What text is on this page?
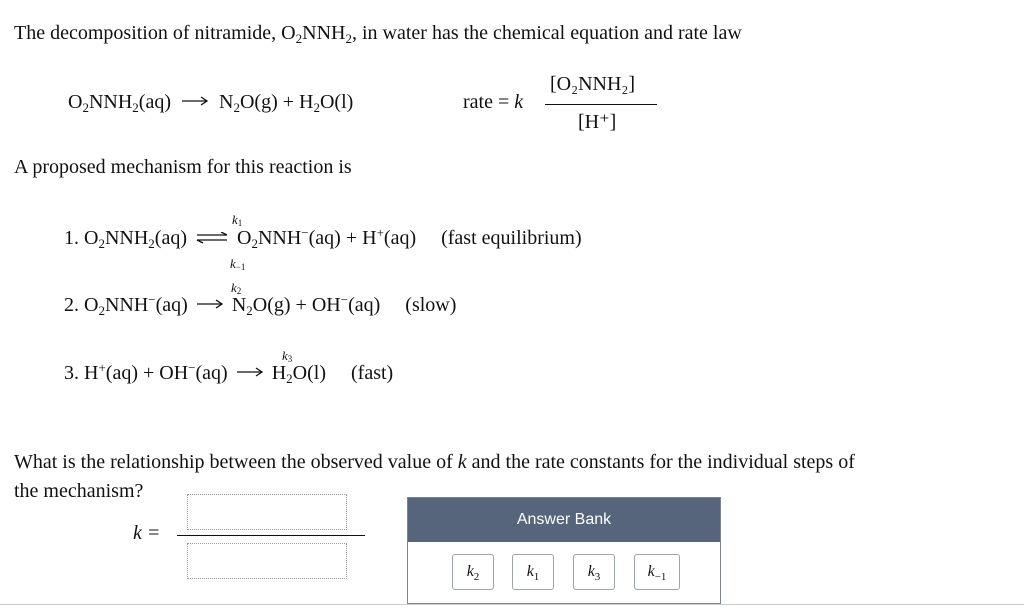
The decomposition of nitramide, $O_2NNH_2$, in water has the chemical equation and rate law
$O_2NNH_2(aq) \to N_2O(g) + H_2O(l)$	rate = k
[O₂NNH₂]
[H⁺]
A proposed mechanism for this reaction is
1. $O_2NNH_2(aq)$ ⇌ $O_2NNH^-(aq) + H^+(aq)$ (fast equilibrium)
$k_1$
$k_{-1}$
2. $O_2NNH^-(aq) \to N_2O(g) + OH^-(aq)$ (slow)
$k_2$
3. $H^+(aq) + OH^-(aq) \to H_2O(l)$ (fast)
$k_3$
What is the relationship between the observed value of k and the rate constants for the individual steps of
the mechanism?
k =
Answer Bank
$k_2$	$k_1$	$k_3$	$k_{-1}$
